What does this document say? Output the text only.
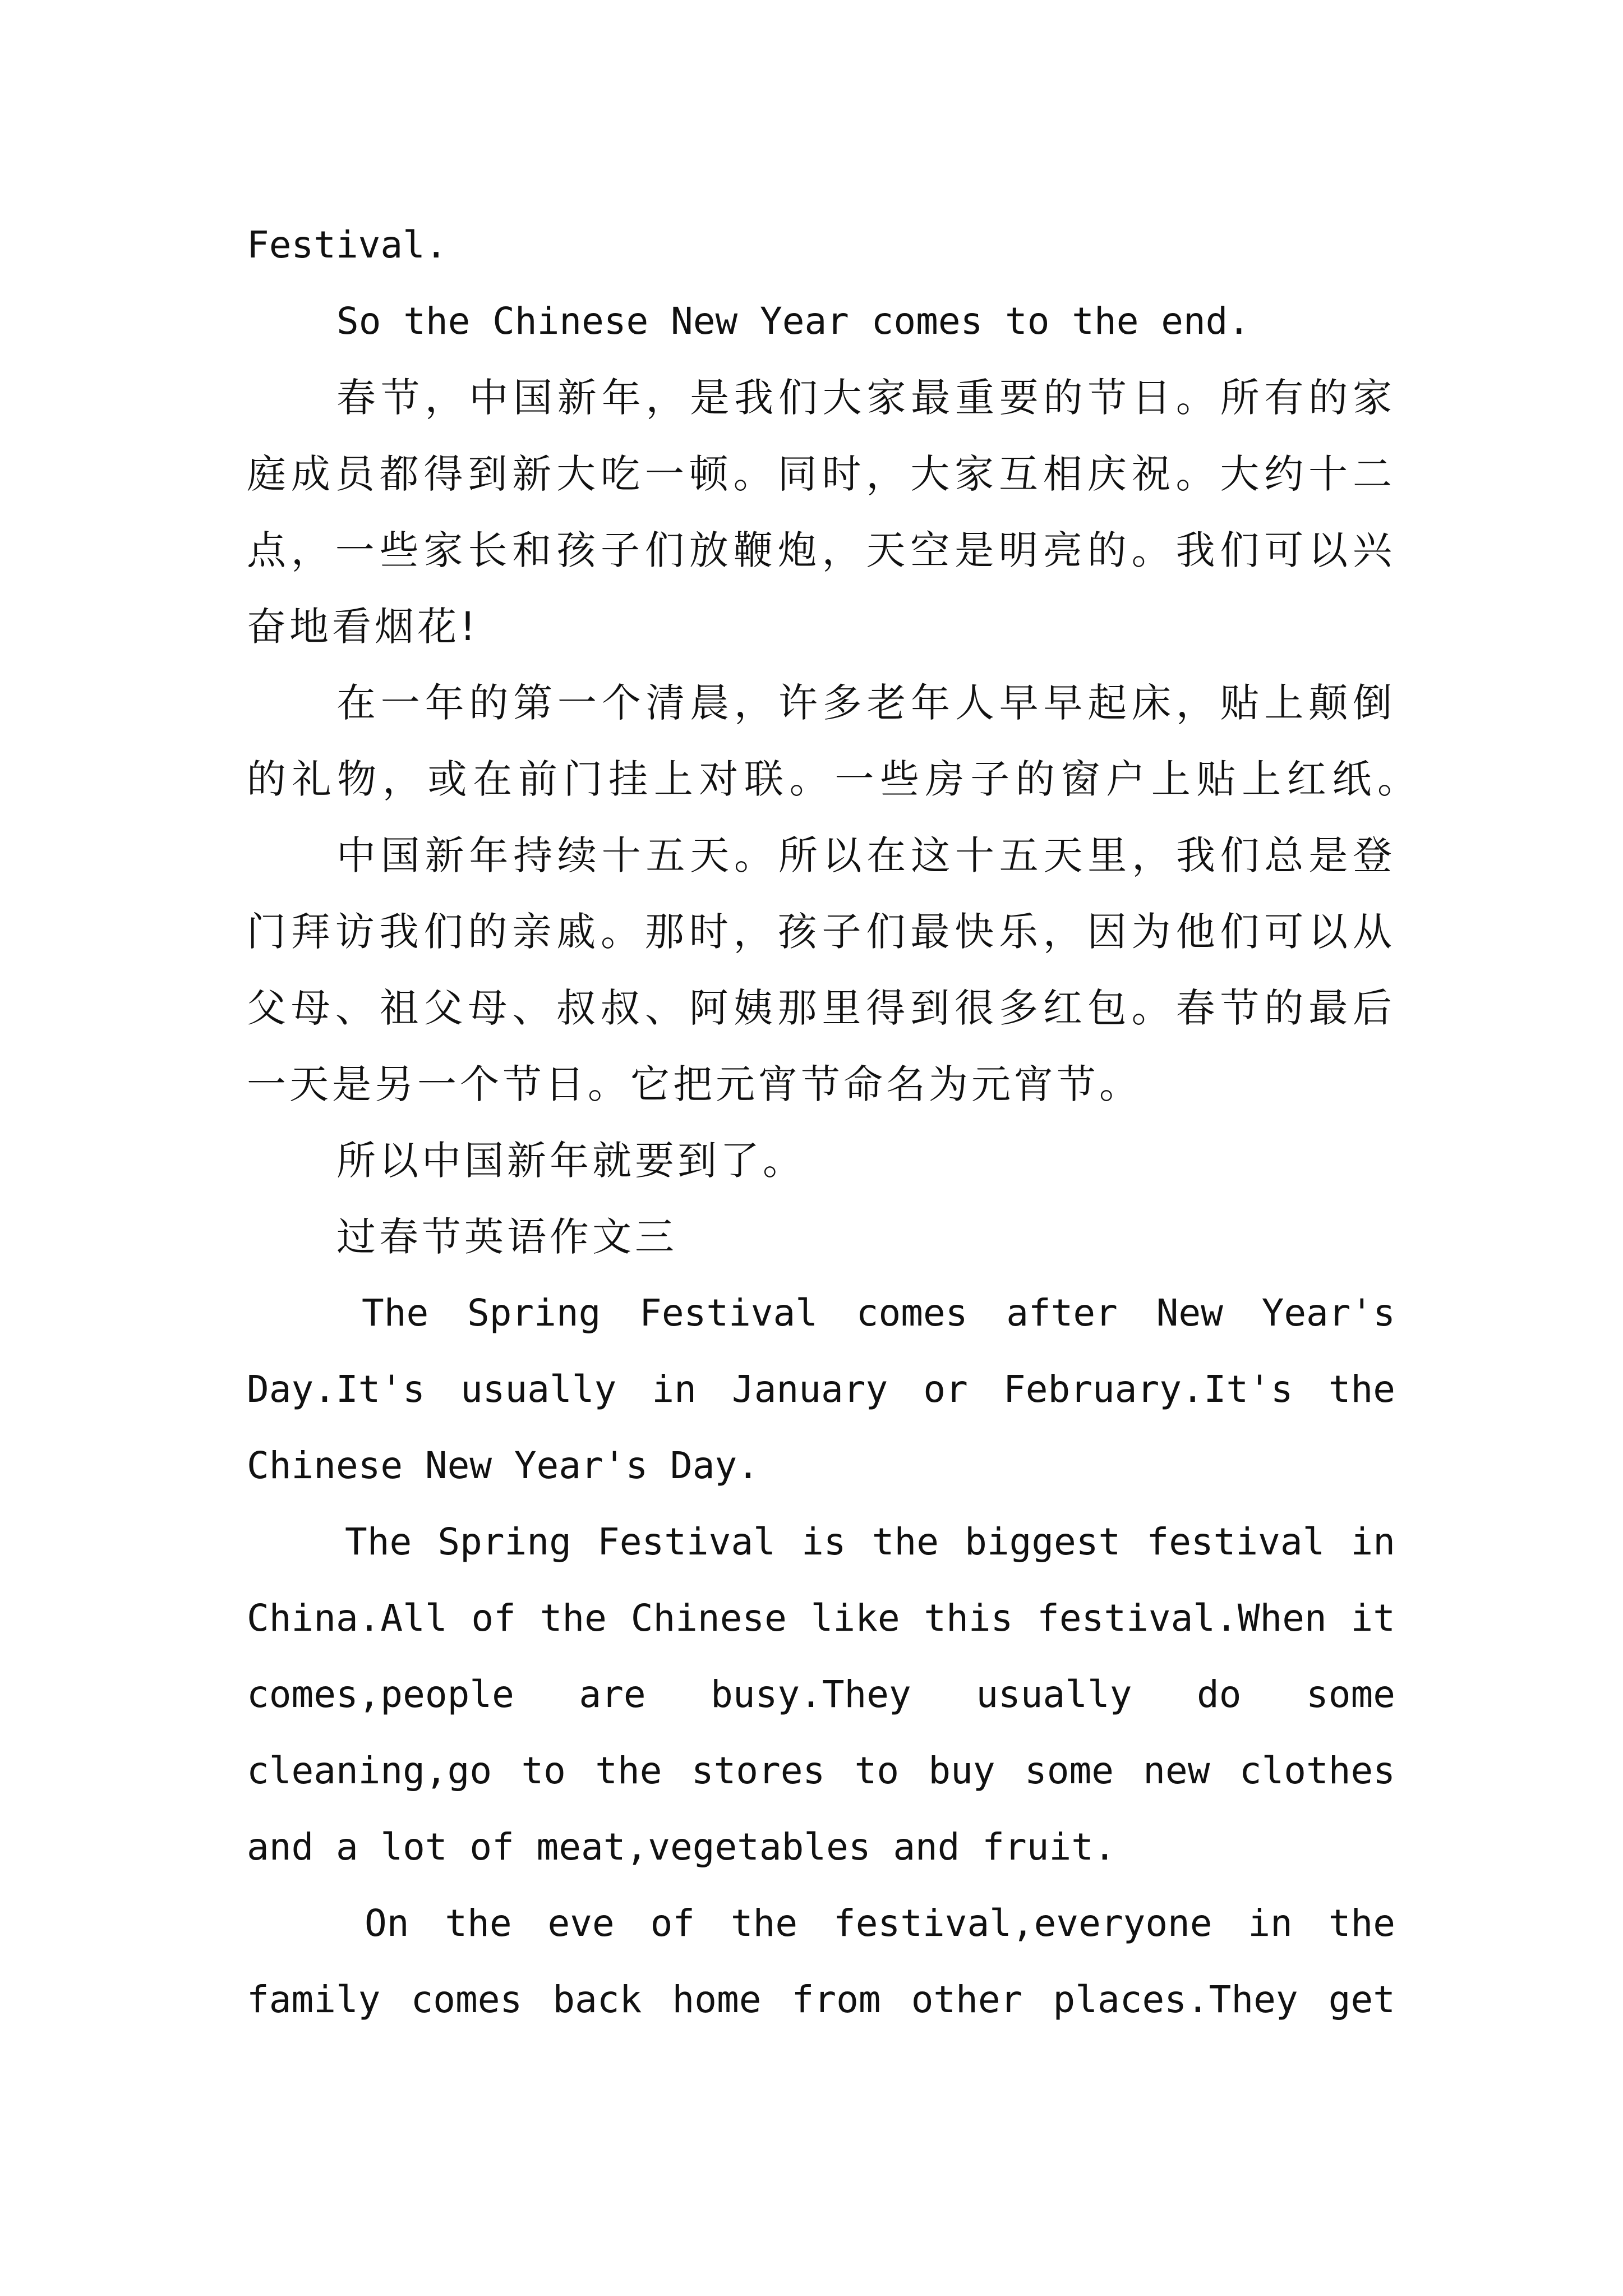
Festival.
So the Chinese New Year comes to the end.
春节，中国新年，是我们大家最重要的节日。所有的家
庭成员都得到新大吃一顿。同时，大家互相庆祝。大约十二
点，一些家长和孩子们放鞭炮，天空是明亮的。我们可以兴
奋地看烟花!
在一年的第一个清晨，许多老年人早早起床，贴上颠倒
的礼物，或在前门挂上对联。一些房子的窗户上贴上红纸。
中国新年持续十五天。所以在这十五天里，我们总是登
门拜访我们的亲戚。那时，孩子们最快乐，因为他们可以从
父母、祖父母、叔叔、阿姨那里得到很多红包。春节的最后
一天是另一个节日。它把元宵节命名为元宵节。
所以中国新年就要到了。
过春节英语作文三
The Spring Festival comes after New Year's
Day.It's usually in January or February.It's the
Chinese New Year's Day.
The Spring Festival is the biggest festival in
China.All of the Chinese like this festival.When it
comes,people are busy.They usually do some
cleaning,go to the stores to buy some new clothes
and a lot of meat,vegetables and fruit.
On the eve of the festival,everyone in the
family comes back home from other places.They get
